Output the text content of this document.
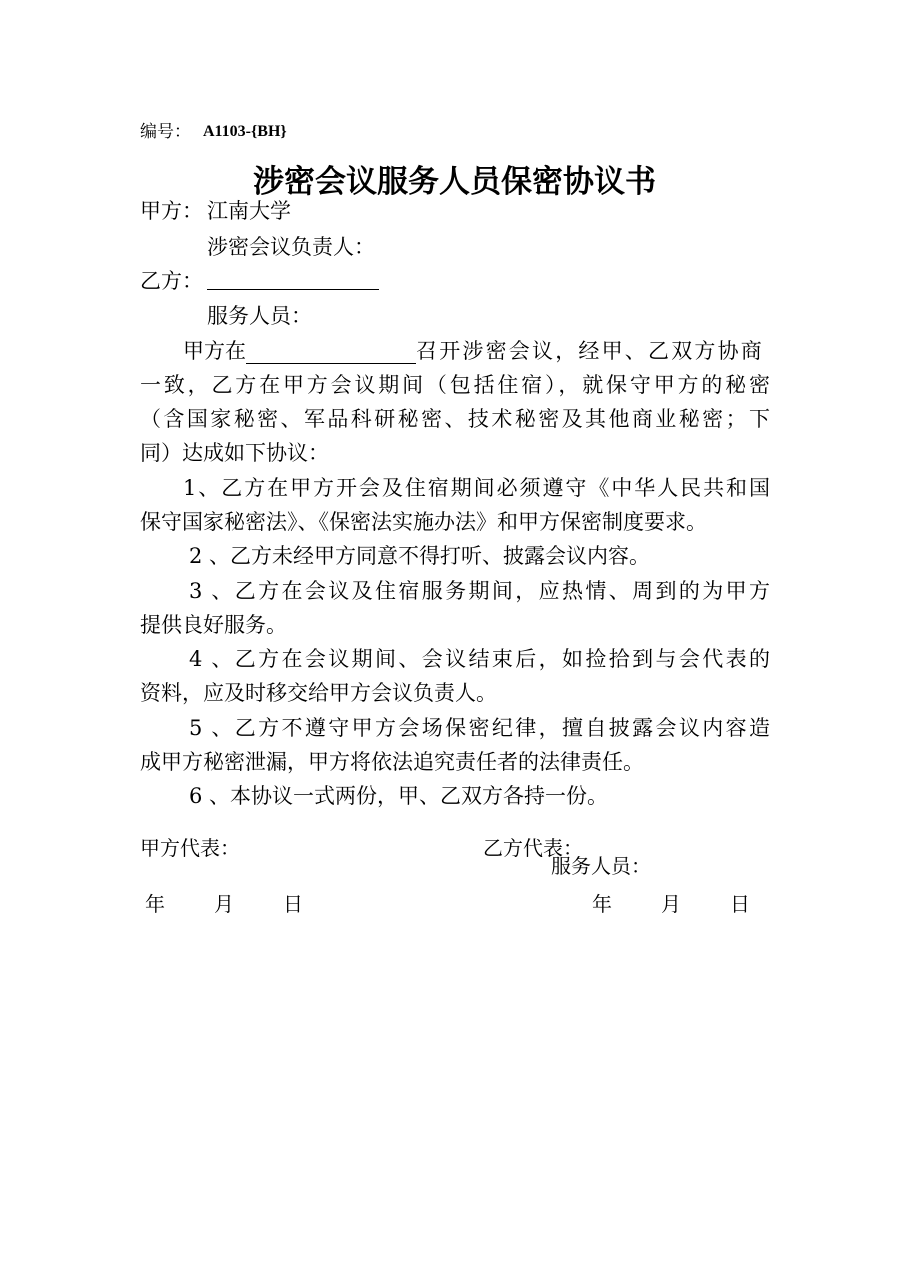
编号： A1103-{BH}
涉密会议服务人员保密协议书
甲方： 江南大学
涉密会议负责人：
乙方：
服务人员：
甲方在	召开涉密会议，经甲、乙双方协商
一致，乙方在甲方会议期间（包括住宿），就保守甲方的秘密
（含国家秘密、军品科研秘密、技术秘密及其他商业秘密；下
同）达成如下协议：
1、乙方在甲方开会及住宿期间必须遵守《中华人民共和国
保守国家秘密法》、《保密法实施办法》和甲方保密制度要求。
2 、乙方未经甲方同意不得打听、披露会议内容。
3 、乙方在会议及住宿服务期间，应热情、周到的为甲方
提供良好服务。
4 、乙方在会议期间、会议结束后，如捡拾到与会代表的
资料，应及时移交给甲方会议负责人。
5 、乙方不遵守甲方会场保密纪律，擅自披露会议内容造
成甲方秘密泄漏，甲方将依法追究责任者的法律责任。
6 、本协议一式两份，甲、乙双方各持一份。
甲方代表：	乙方代表：
服务人员：
年 月 日	年 月 日
